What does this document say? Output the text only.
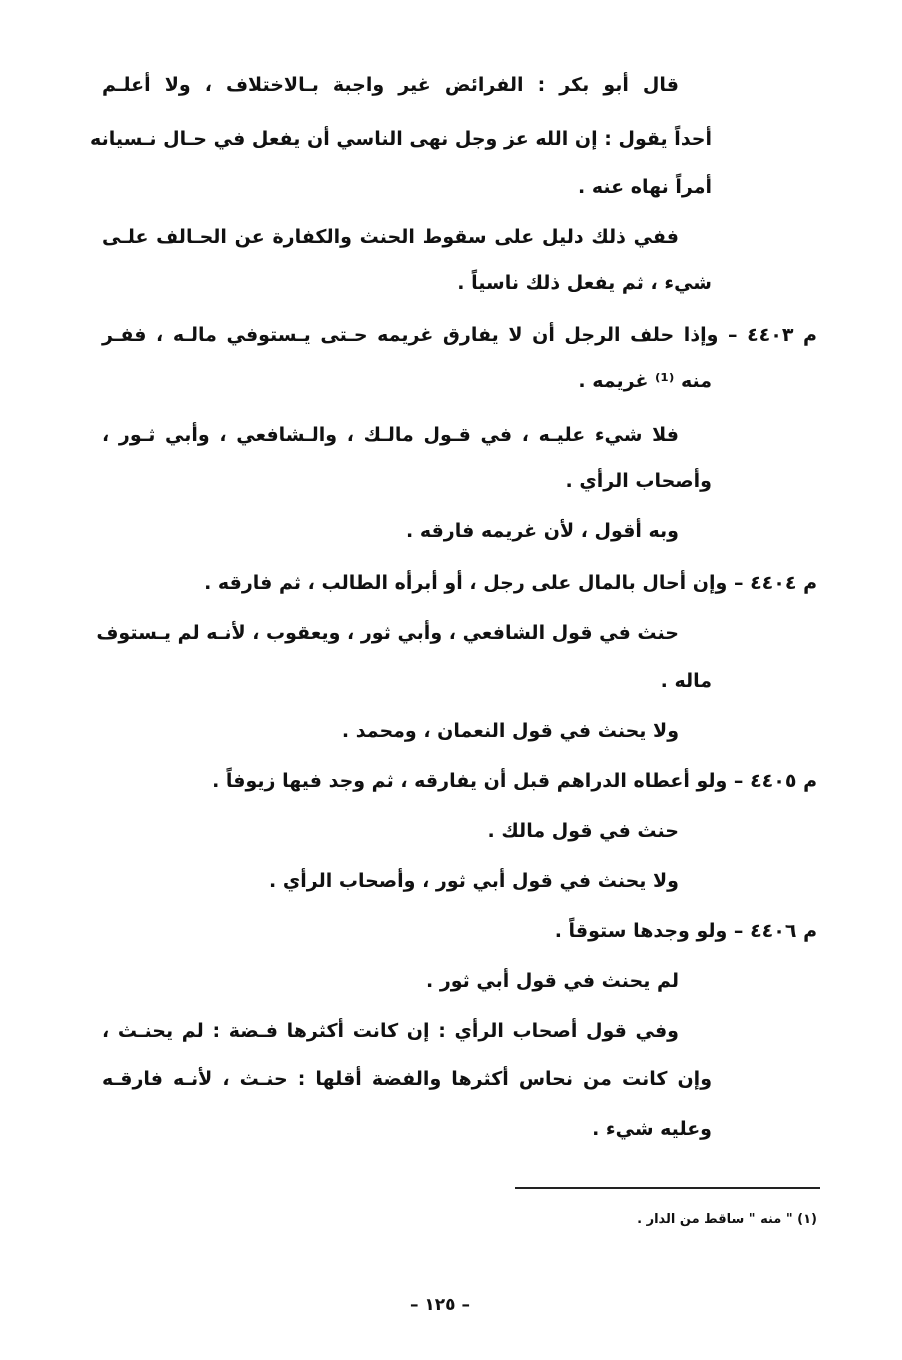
قال أبو بكر : الفرائض غير واجبة بـالاختلاف ، ولا أعلـم
أحداً يقول : إن الله عز وجل نهى الناسي أن يفعل في حـال نـسيانه
أمراً نهاه عنه .
ففي ذلك دليل على سقوط الحنث والكفارة عن الحـالف علـى
شيء ، ثم يفعل ذلك ناسياً .
م ٤٤٠٣ – وإذا حلف الرجل أن لا يفارق غريمه حـتى يـستوفي مالـه ، ففـر
منه ⁽¹⁾ غريمه .
فلا شيء عليـه ، في قـول مالـك ، والـشافعي ، وأبي ثـور ،
وأصحاب الرأي .
وبه أقول ، لأن غريمه فارقه .
م ٤٤٠٤ – وإن أحال بالمال على رجل ، أو أبرأه الطالب ، ثم فارقه .
حنث في قول الشافعي ، وأبي ثور ، ويعقوب ، لأنـه لم يـستوف
ماله .
ولا يحنث في قول النعمان ، ومحمد .
م ٤٤٠٥ – ولو أعطاه الدراهم قبل أن يفارقه ، ثم وجد فيها زيوفاً .
حنث في قول مالك .
ولا يحنث في قول أبي ثور ، وأصحاب الرأي .
م ٤٤٠٦ – ولو وجدها ستوقاً .
لم يحنث في قول أبي ثور .
وفي قول أصحاب الرأي : إن كانت أكثرها فـضة : لم يحنـث ،
وإن كانت من نحاس أكثرها والفضة أقلها : حنـث ، لأنـه فارقـه
وعليه شيء .
(١) " منه " ساقط من الدار .
– ١٢٥ –
